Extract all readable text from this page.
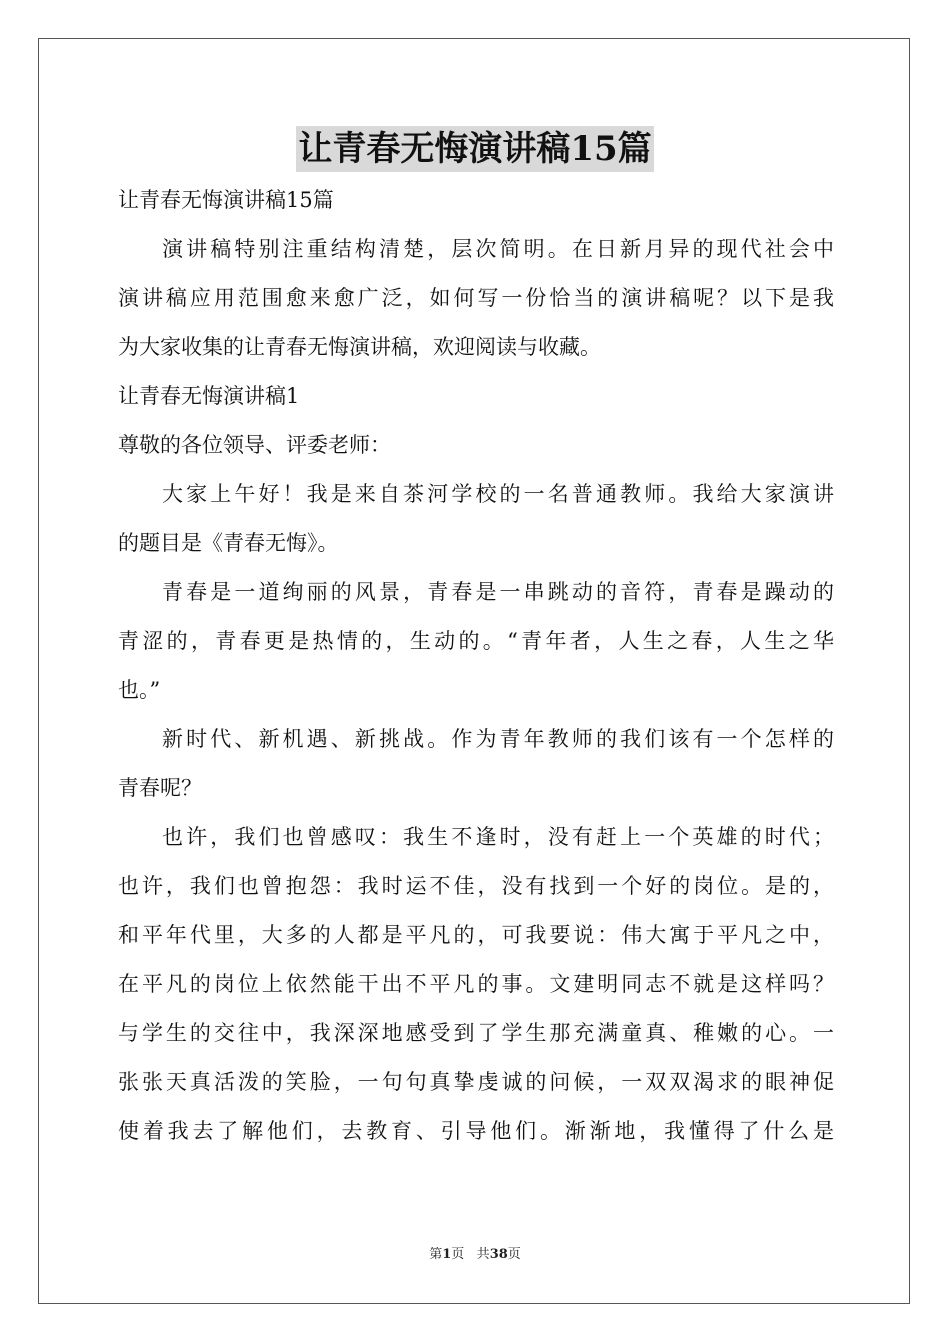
让青春无悔演讲稿15篇
让青春无悔演讲稿15篇
演讲稿特别注重结构清楚，层次简明。在日新月异的现代社会中
演讲稿应用范围愈来愈广泛，如何写一份恰当的演讲稿呢？以下是我
为大家收集的让青春无悔演讲稿，欢迎阅读与收藏。
让青春无悔演讲稿1
尊敬的各位领导、评委老师：
大家上午好！我是来自茶河学校的一名普通教师。我给大家演讲
的题目是《青春无悔》。
青春是一道绚丽的风景，青春是一串跳动的音符，青春是躁动的
青涩的，青春更是热情的，生动的。“青年者，人生之春，人生之华
也。”
新时代、新机遇、新挑战。作为青年教师的我们该有一个怎样的
青春呢？
也许，我们也曾感叹：我生不逢时，没有赶上一个英雄的时代；
也许，我们也曾抱怨：我时运不佳，没有找到一个好的岗位。是的，
和平年代里，大多的人都是平凡的，可我要说：伟大寓于平凡之中，
在平凡的岗位上依然能干出不平凡的事。文建明同志不就是这样吗？
与学生的交往中，我深深地感受到了学生那充满童真、稚嫩的心。一
张张天真活泼的笑脸，一句句真挚虔诚的问候，一双双渴求的眼神促
使着我去了解他们，去教育、引导他们。渐渐地，我懂得了什么是
第1页 共38页
